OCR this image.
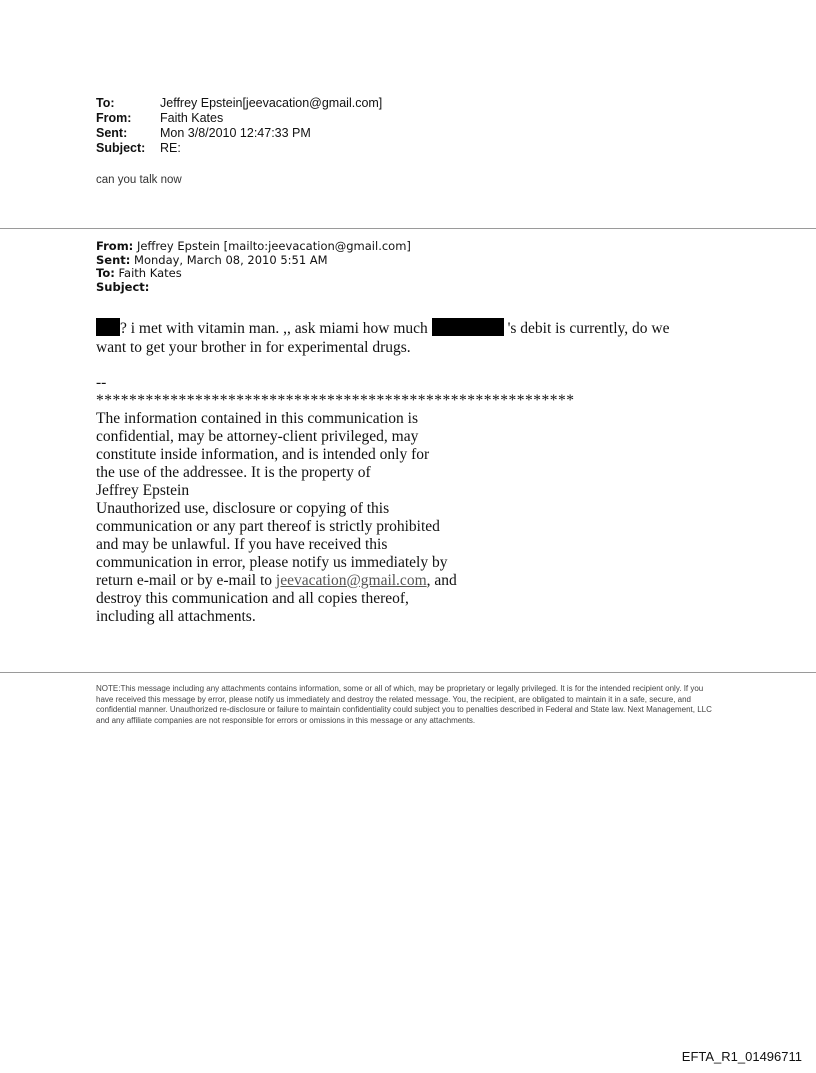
To:	Jeffrey Epstein[jeevacation@gmail.com]
From:	Faith Kates
Sent:	Mon 3/8/2010 12:47:33 PM
Subject:	RE:
can you talk now
From: Jeffrey Epstein [mailto:jeevacation@gmail.com]
Sent: Monday, March 08, 2010 5:51 AM
To: Faith Kates
Subject:
? i met with vitamin man. ,, ask miami how much	's debit is currently, do we
want to get your brother in for experimental drugs.
--
**********************************************************
The information contained in this communication is
confidential, may be attorney-client privileged, may
constitute inside information, and is intended only for
the use of the addressee. It is the property of
Jeffrey Epstein
Unauthorized use, disclosure or copying of this
communication or any part thereof is strictly prohibited
and may be unlawful. If you have received this
communication in error, please notify us immediately by
return e-mail or by e-mail to jeevacation@gmail.com, and
destroy this communication and all copies thereof,
including all attachments.
NOTE:This message including any attachments contains information, some or all of which, may be proprietary or legally privileged. It is for the intended recipient only. If you have received this message by error, please notify us immediately and destroy the related message. You, the recipient, are obligated to maintain it in a safe, secure, and confidential manner. Unauthorized re-disclosure or failure to maintain confidentiality could subject you to penalties described in Federal and State law. Next Management, LLC and any affiliate companies are not responsible for errors or omissions in this message or any attachments.
EFTA_R1_01496711
